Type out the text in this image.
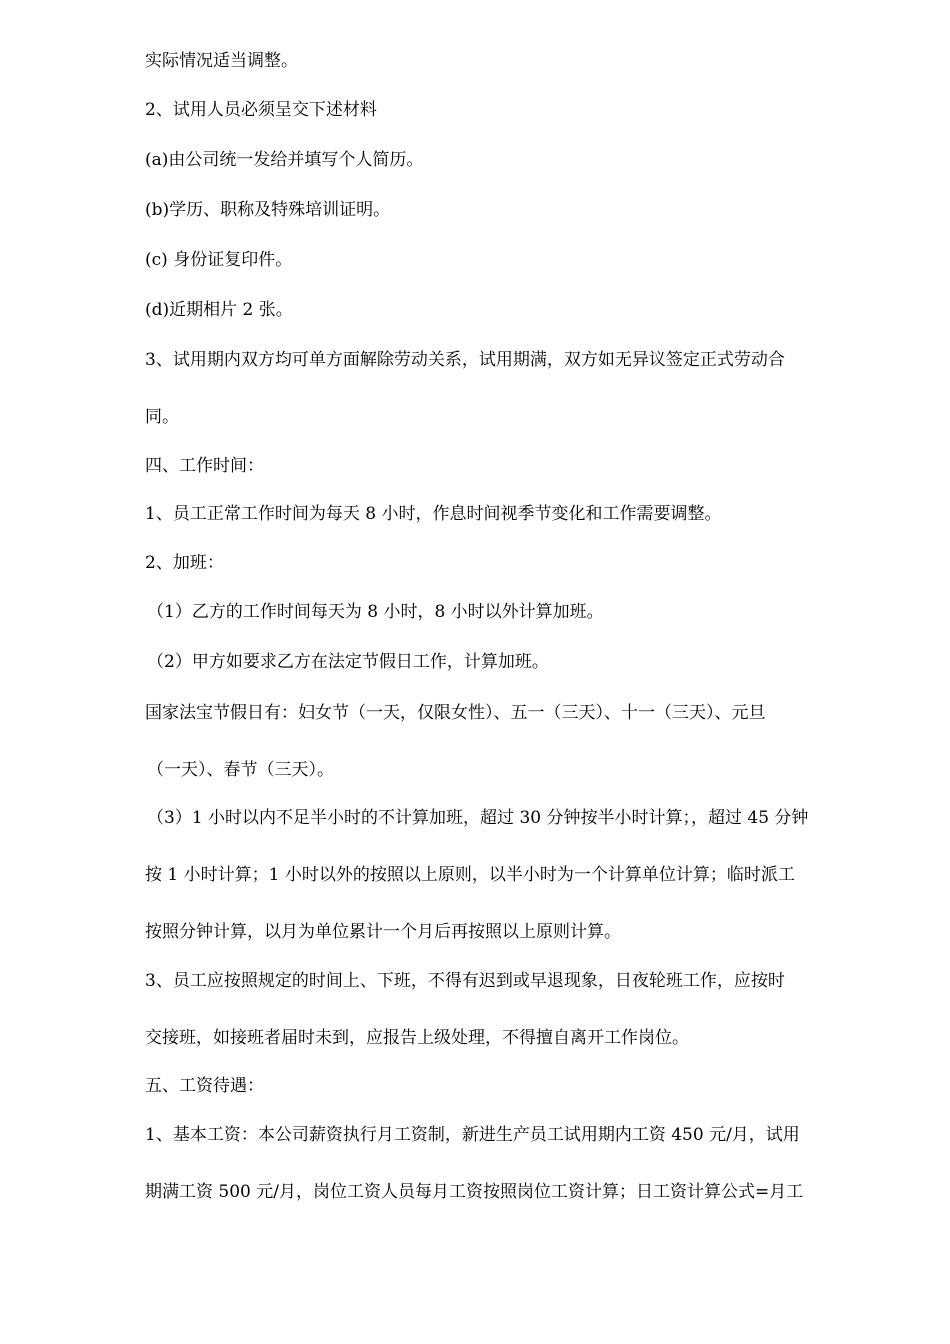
实际情况适当调整。
2、试用人员必须呈交下述材料
(a)由公司统一发给并填写个人简历。
(b)学历、职称及特殊培训证明。
(c) 身份证复印件。
(d)近期相片 2 张。
3、试用期内双方均可单方面解除劳动关系，试用期满，双方如无异议签定正式劳动合
同。
四、工作时间：
1、员工正常工作时间为每天 8 小时，作息时间视季节变化和工作需要调整。
2、加班：
（1）乙方的工作时间每天为 8 小时，8 小时以外计算加班。
（2）甲方如要求乙方在法定节假日工作，计算加班。
国家法宝节假日有：妇女节（一天，仅限女性）、五一（三天）、十一（三天）、元旦
（一天）、春节（三天）。
（3）1 小时以内不足半小时的不计算加班，超过 30 分钟按半小时计算；，超过 45 分钟
按 1 小时计算；1 小时以外的按照以上原则，以半小时为一个计算单位计算；临时派工
按照分钟计算，以月为单位累计一个月后再按照以上原则计算。
3、员工应按照规定的时间上、下班，不得有迟到或早退现象，日夜轮班工作，应按时
交接班，如接班者届时未到，应报告上级处理，不得擅自离开工作岗位。
五、工资待遇：
1、基本工资：本公司薪资执行月工资制，新进生产员工试用期内工资 450 元/月，试用
期满工资 500 元/月，岗位工资人员每月工资按照岗位工资计算；日工资计算公式=月工
